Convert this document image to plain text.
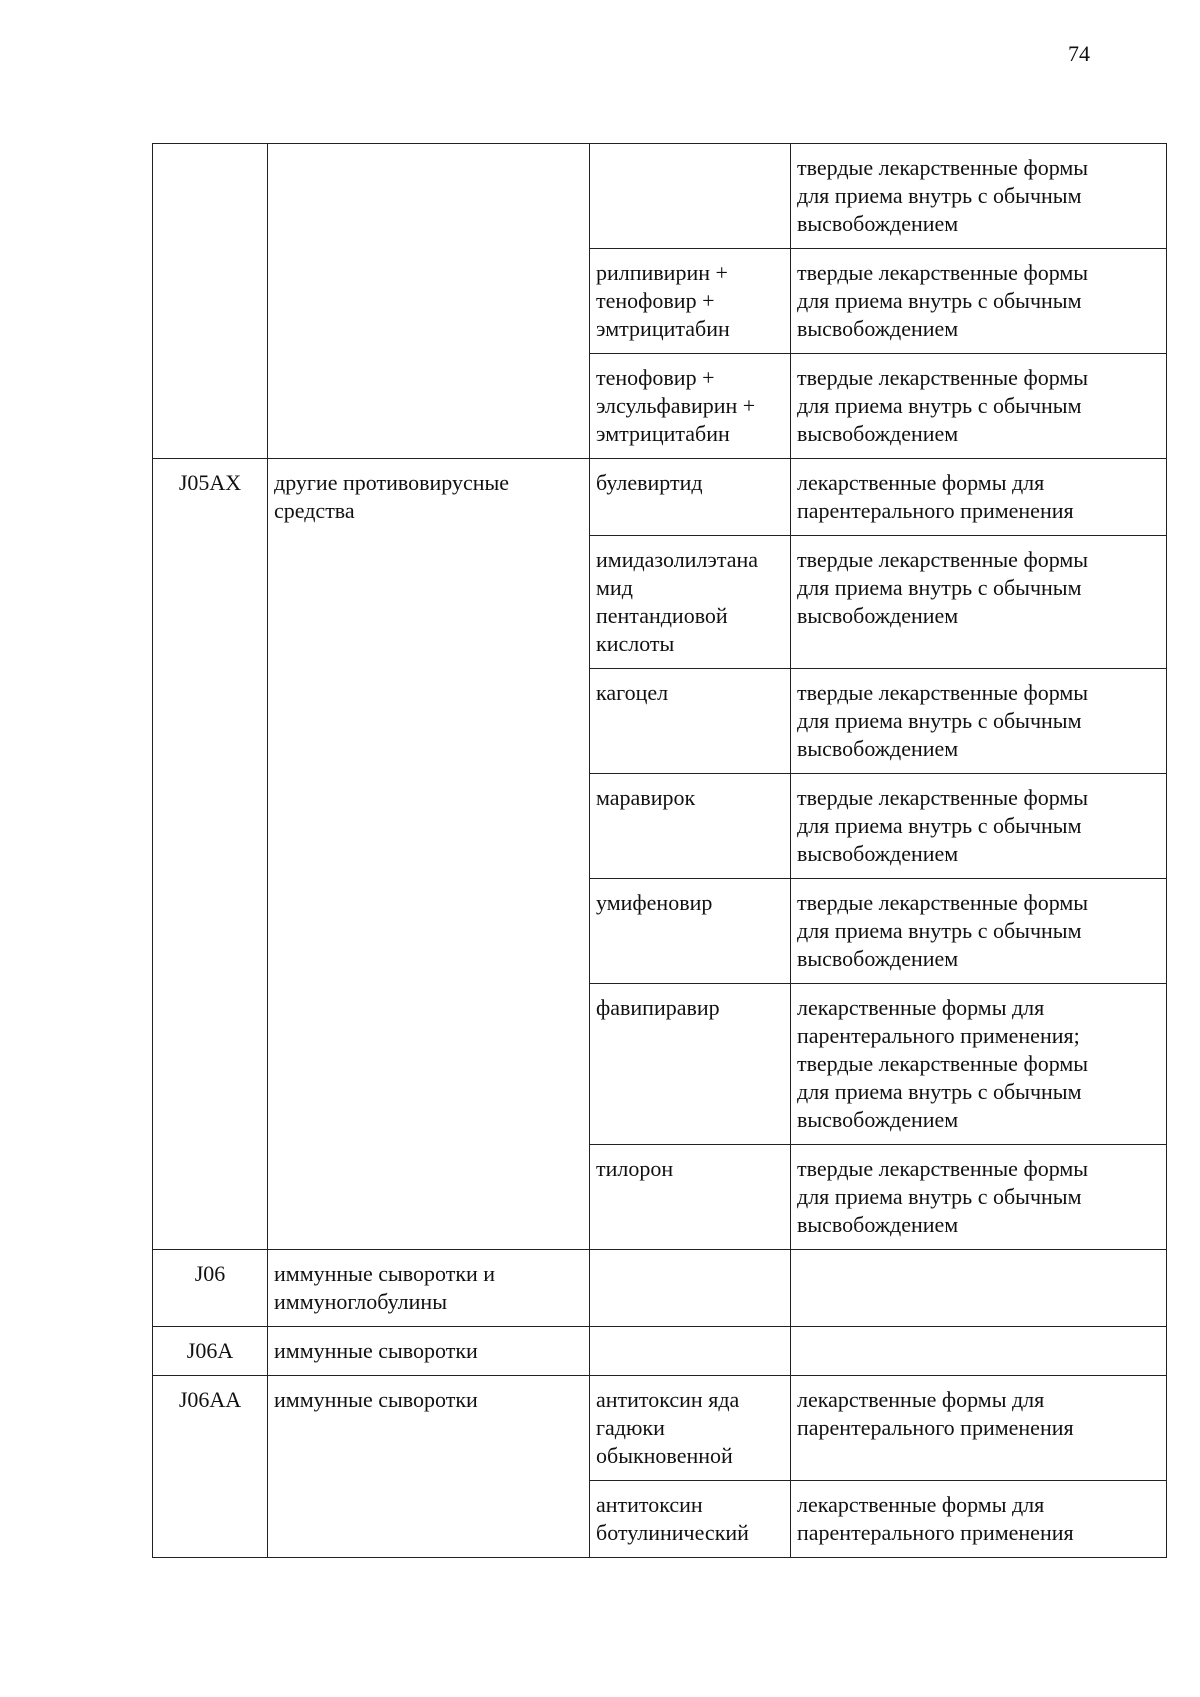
74

			твердые лекарственные формы
для приема внутрь с обычным
высвобождением

		рилпивирин +
тенофовир +
эмтрицитабин	твердые лекарственные формы
для приема внутрь с обычным
высвобождением

		тенофовир +
элсульфавирин +
эмтрицитабин	твердые лекарственные формы
для приема внутрь с обычным
высвобождением

J05AX	другие противовирусные
средства	булевиртид	лекарственные формы для
парентерального применения

		имидазолилэтана
мид
пентандиовой
кислоты	твердые лекарственные формы
для приема внутрь с обычным
высвобождением

		кагоцел	твердые лекарственные формы
для приема внутрь с обычным
высвобождением

		маравирок	твердые лекарственные формы
для приема внутрь с обычным
высвобождением

		умифеновир	твердые лекарственные формы
для приема внутрь с обычным
высвобождением

		фавипиравир	лекарственные формы для
парентерального применения;
твердые лекарственные формы
для приема внутрь с обычным
высвобождением

		тилорон	твердые лекарственные формы
для приема внутрь с обычным
высвобождением

J06	иммунные сыворотки и
иммуноглобулины		

J06A	иммунные сыворотки		

J06AA	иммунные сыворотки	антитоксин яда
гадюки
обыкновенной	лекарственные формы для
парентерального применения

		антитоксин
ботулинический	лекарственные формы для
парентерального применения
